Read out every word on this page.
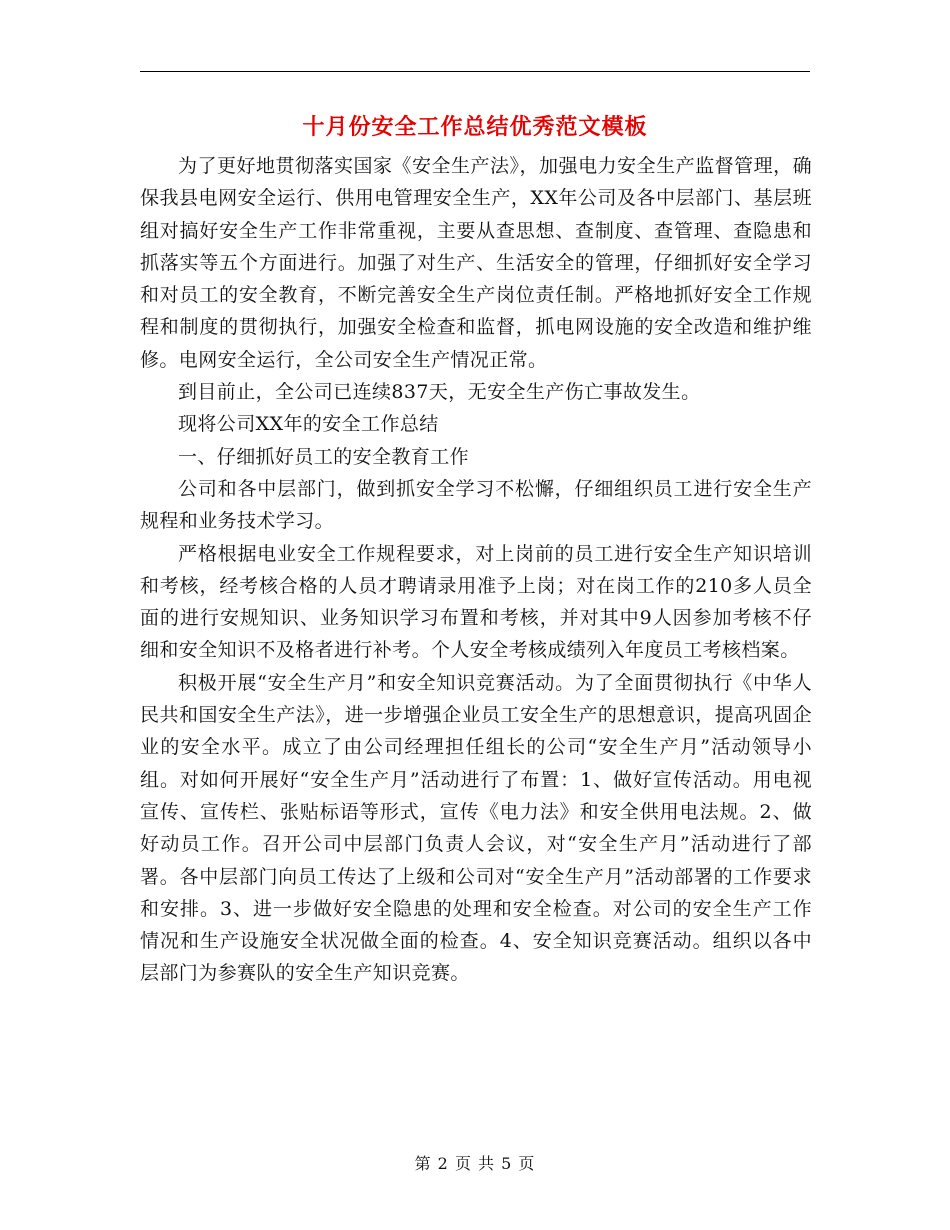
十月份安全工作总结优秀范文模板

为了更好地贯彻落实国家《安全生产法》，加强电力安全生产监督管理，确保我县电网安全运行、供用电管理安全生产，XX年公司及各中层部门、基层班组对搞好安全生产工作非常重视，主要从查思想、查制度、查管理、查隐患和抓落实等五个方面进行。加强了对生产、生活安全的管理，仔细抓好安全学习和对员工的安全教育，不断完善安全生产岗位责任制。严格地抓好安全工作规程和制度的贯彻执行，加强安全检查和监督，抓电网设施的安全改造和维护维修。电网安全运行，全公司安全生产情况正常。

到目前止，全公司已连续837天，无安全生产伤亡事故发生。

现将公司XX年的安全工作总结

一、仔细抓好员工的安全教育工作

公司和各中层部门，做到抓安全学习不松懈，仔细组织员工进行安全生产规程和业务技术学习。

严格根据电业安全工作规程要求，对上岗前的员工进行安全生产知识培训和考核，经考核合格的人员才聘请录用准予上岗；对在岗工作的210多人员全面的进行安规知识、业务知识学习布置和考核，并对其中9人因参加考核不仔细和安全知识不及格者进行补考。个人安全考核成绩列入年度员工考核档案。

积极开展“安全生产月”和安全知识竞赛活动。为了全面贯彻执行《中华人民共和国安全生产法》，进一步增强企业员工安全生产的思想意识，提高巩固企业的安全水平。成立了由公司经理担任组长的公司“安全生产月”活动领导小组。对如何开展好“安全生产月”活动进行了布置：1、做好宣传活动。用电视宣传、宣传栏、张贴标语等形式，宣传《电力法》和安全供用电法规。2、做好动员工作。召开公司中层部门负责人会议，对“安全生产月”活动进行了部署。各中层部门向员工传达了上级和公司对“安全生产月”活动部署的工作要求和安排。3、进一步做好安全隐患的处理和安全检查。对公司的安全生产工作情况和生产设施安全状况做全面的检查。4、安全知识竞赛活动。组织以各中层部门为参赛队的安全生产知识竞赛。

第 2 页 共 5 页
